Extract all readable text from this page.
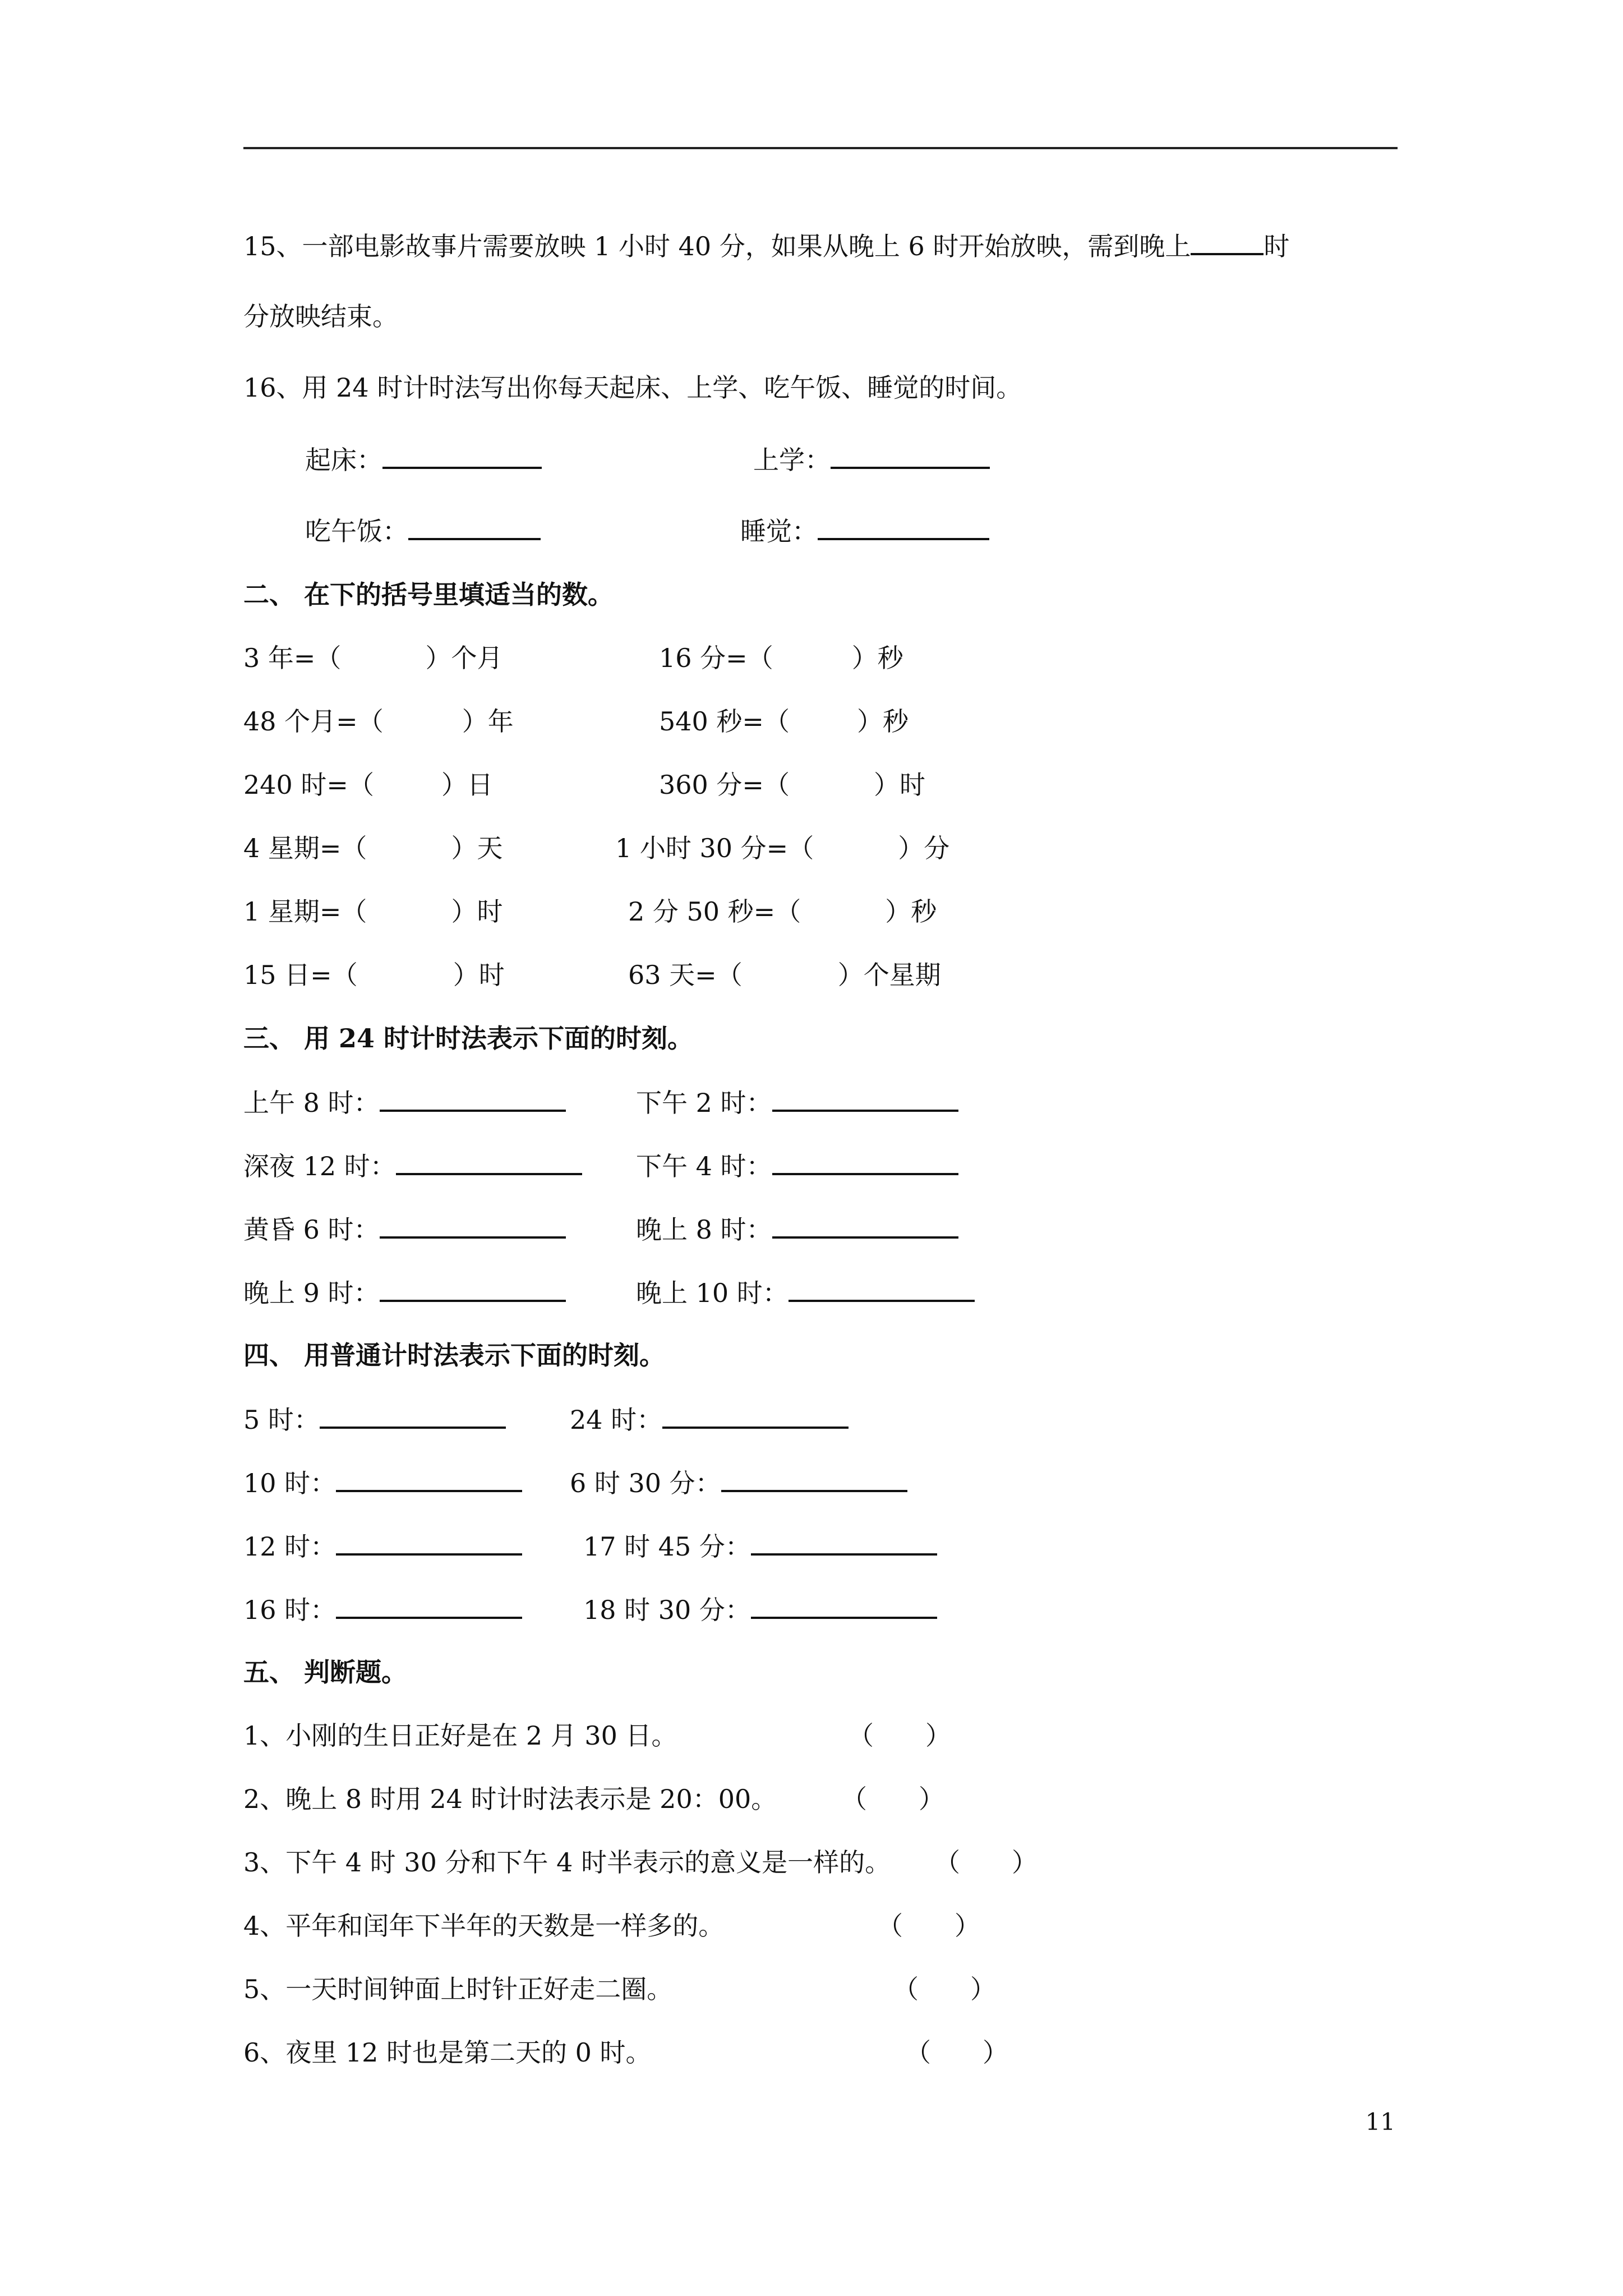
15、一部电影故事片需要放映 1 小时 40 分，如果从晚上 6 时开始放映，需到晚上	时
分放映结束。
16、用 24 时计时法写出你每天起床、上学、吃午饭、睡觉的时间。
起床：	上学：
吃午饭：	睡觉：
二、 在下的括号里填适当的数。
3 年=（	）个月	16 分=（	）秒
48 个月=（	）年	540 秒=（	）秒
240 时=（	）日	360 分=（	）时
4 星期=（	）天	1 小时 30 分=（	）分
1 星期=（	）时	2 分 50 秒=（	）秒
15 日=（	）时	63 天=（	）个星期
三、 用 24 时计时法表示下面的时刻。
上午 8 时：	下午 2 时：
深夜 12 时：	下午 4 时：
黄昏 6 时：	晚上 8 时：
晚上 9 时：	晚上 10 时：
四、 用普通计时法表示下面的时刻。
5 时：	24 时：
10 时：	6 时 30 分：
12 时：	17 时 45 分：
16 时：	18 时 30 分：
五、 判断题。
1、小刚的生日正好是在 2 月 30 日。	（　　）
2、晚上 8 时用 24 时计时法表示是 20：00。 （　　）
3、下午 4 时 30 分和下午 4 时半表示的意义是一样的。 （　　）
4、平年和闰年下半年的天数是一样多的。	（　　）
5、一天时间钟面上时针正好走二圈。	（　　）
6、夜里 12 时也是第二天的 0 时。	（　　）
11
